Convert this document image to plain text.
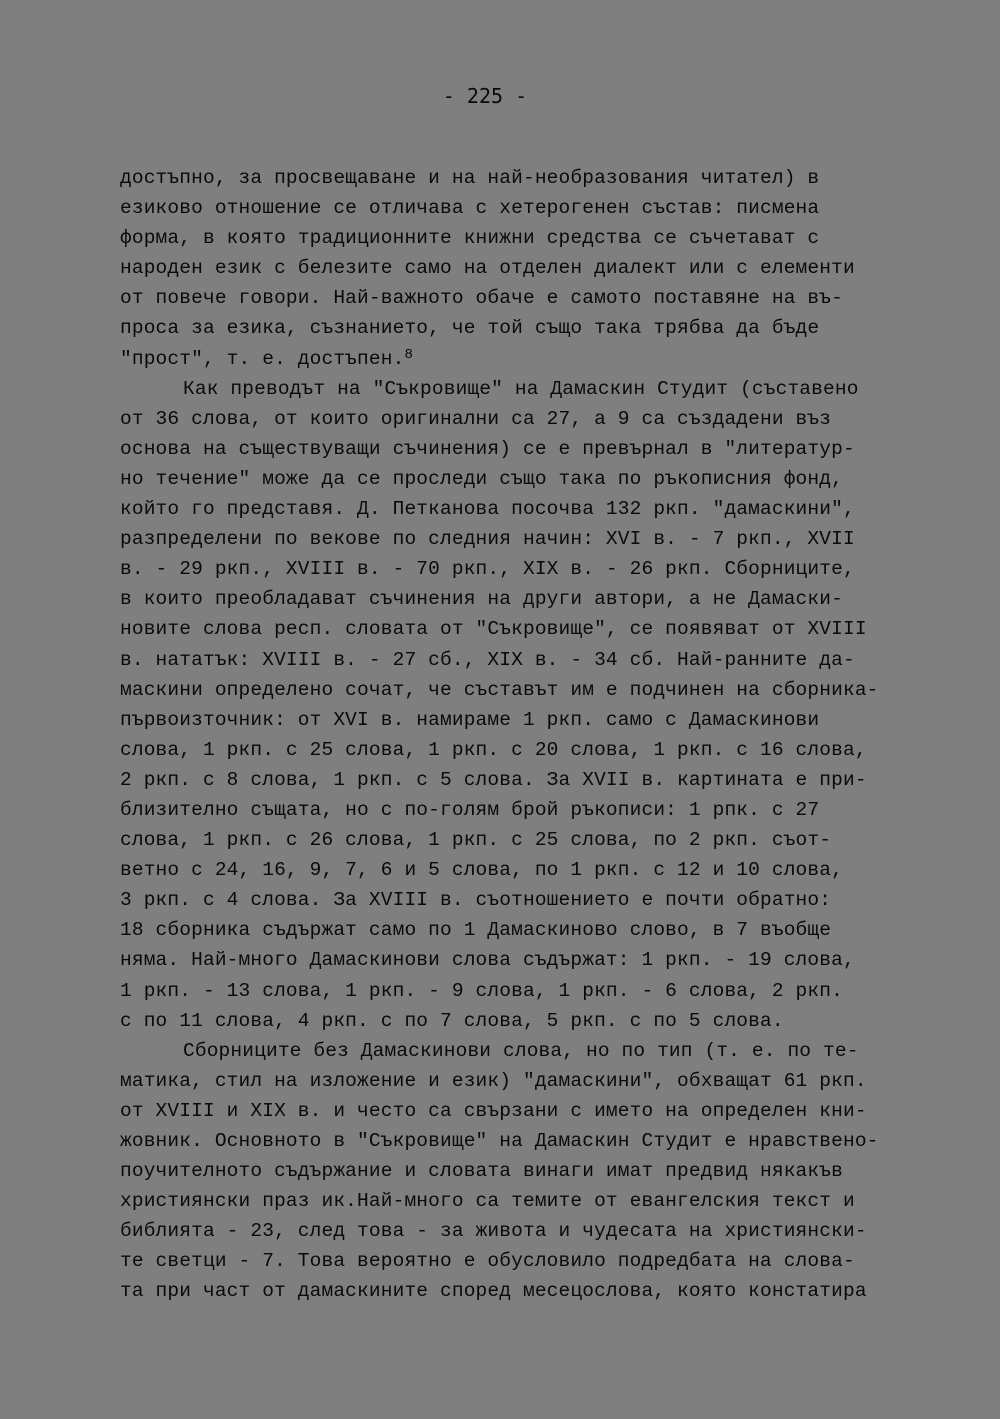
- 225 -
достъпно, за просвещаване и на най-необразования читател) в
езиково отношение се отличава с хетерогенен състав: писмена
форма, в която традиционните книжни средства се съчетават с
народен език с белезите само на отделен диалект или с елементи
от повече говори. Най-важното обаче е самото поставяне на въ-
проса за езика, съзнанието, че той също така трябва да бъде
"прост", т. е. достъпен.$^8$
Как преводът на "Съкровище" на Дамаскин Студит (съставено
от 36 слова, от които оригинални са 27, а 9 са създадени въз
основа на съществуващи съчинения) се е превърнал в "литератур-
но течение" може да се проследи също така по ръкописния фонд,
който го представя. Д. Петканова посочва 132 ркп. "дамаскини",
разпределени по векове по следния начин: XVI в. - 7 ркп., XVII
в. - 29 ркп., XVIII в. - 70 ркп., XIX в. - 26 ркп. Сборниците,
в които преобладават съчинения на други автори, а не Дамаски-
новите слова респ. словата от "Съкровище", се появяват от XVIII
в. нататък: XVIII в. - 27 сб., XIX в. - 34 сб. Най-ранните да-
маскини определено сочат, че съставът им е подчинен на сборника-
първоизточник: от XVI в. намираме 1 ркп. само с Дамаскинови
слова, 1 ркп. с 25 слова, 1 ркп. с 20 слова, 1 ркп. с 16 слова,
2 ркп. с 8 слова, 1 ркп. с 5 слова. За XVII в. картината е при-
близително същата, но с по-голям брой ръкописи: 1 рпк. с 27
слова, 1 ркп. с 26 слова, 1 ркп. с 25 слова, по 2 ркп. съот-
ветно с 24, 16, 9, 7, 6 и 5 слова, по 1 ркп. с 12 и 10 слова,
3 ркп. с 4 слова. За XVIII в. съотношението е почти обратно:
18 сборника съдържат само по 1 Дамаскиново слово, в 7 въобще
няма. Най-много Дамаскинови слова съдържат: 1 ркп. - 19 слова,
1 ркп. - 13 слова, 1 ркп. - 9 слова, 1 ркп. - 6 слова, 2 ркп.
с по 11 слова, 4 ркп. с по 7 слова, 5 ркп. с по 5 слова.
Сборниците без Дамаскинови слова, но по тип (т. е. по те-
матика, стил на изложение и език) "дамаскини", обхващат 61 ркп.
от XVIII и XIX в. и често са свързани с името на определен кни-
жовник. Основното в "Съкровище" на Дамаскин Студит е нравствено-
поучителното съдържание и словата винаги имат предвид някакъв
християнски праз ик.Най-много са темите от евангелския текст и
библията - 23, след това - за живота и чудесата на християнски-
те светци - 7. Това вероятно е обусловило подредбата на слова-
та при част от дамаскините според месецослова, която констатира
